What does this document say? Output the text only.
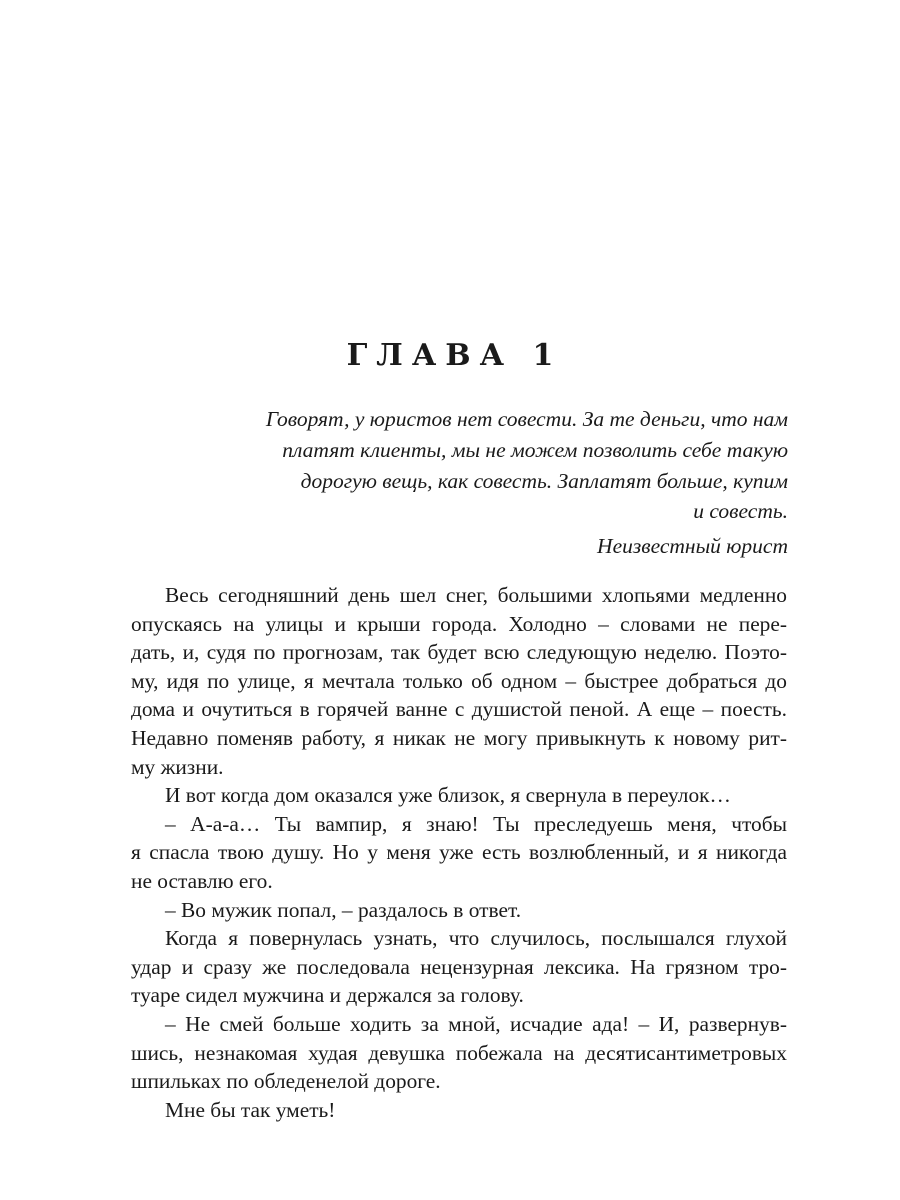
ГЛАВА 1
Говорят, у юристов нет совести. За те деньги, что нам
платят клиенты, мы не можем позволить себе такую
дорогую вещь, как совесть. Заплатят больше, купим
и совесть.
Неизвестный юрист
Весь сегодняшний день шел снег, большими хлопьями медленно
опускаясь на улицы и крыши города. Холодно – словами не пере-
дать, и, судя по прогнозам, так будет всю следующую неделю. Поэто-
му, идя по улице, я мечтала только об одном – быстрее добраться до
дома и очутиться в горячей ванне с душистой пеной. А еще – поесть.
Недавно поменяв работу, я никак не могу привыкнуть к новому рит-
му жизни.
И вот когда дом оказался уже близок, я свернула в переулок…
– А-а-а… Ты вампир, я знаю! Ты преследуешь меня, чтобы
я спасла твою душу. Но у меня уже есть возлюбленный, и я никогда
не оставлю его.
– Во мужик попал, – раздалось в ответ.
Когда я повернулась узнать, что случилось, послышался глухой
удар и сразу же последовала нецензурная лексика. На грязном тро-
туаре сидел мужчина и держался за голову.
– Не смей больше ходить за мной, исчадие ада! – И, развернув-
шись, незнакомая худая девушка побежала на десятисантиметровых
шпильках по обледенелой дороге.
Мне бы так уметь!
